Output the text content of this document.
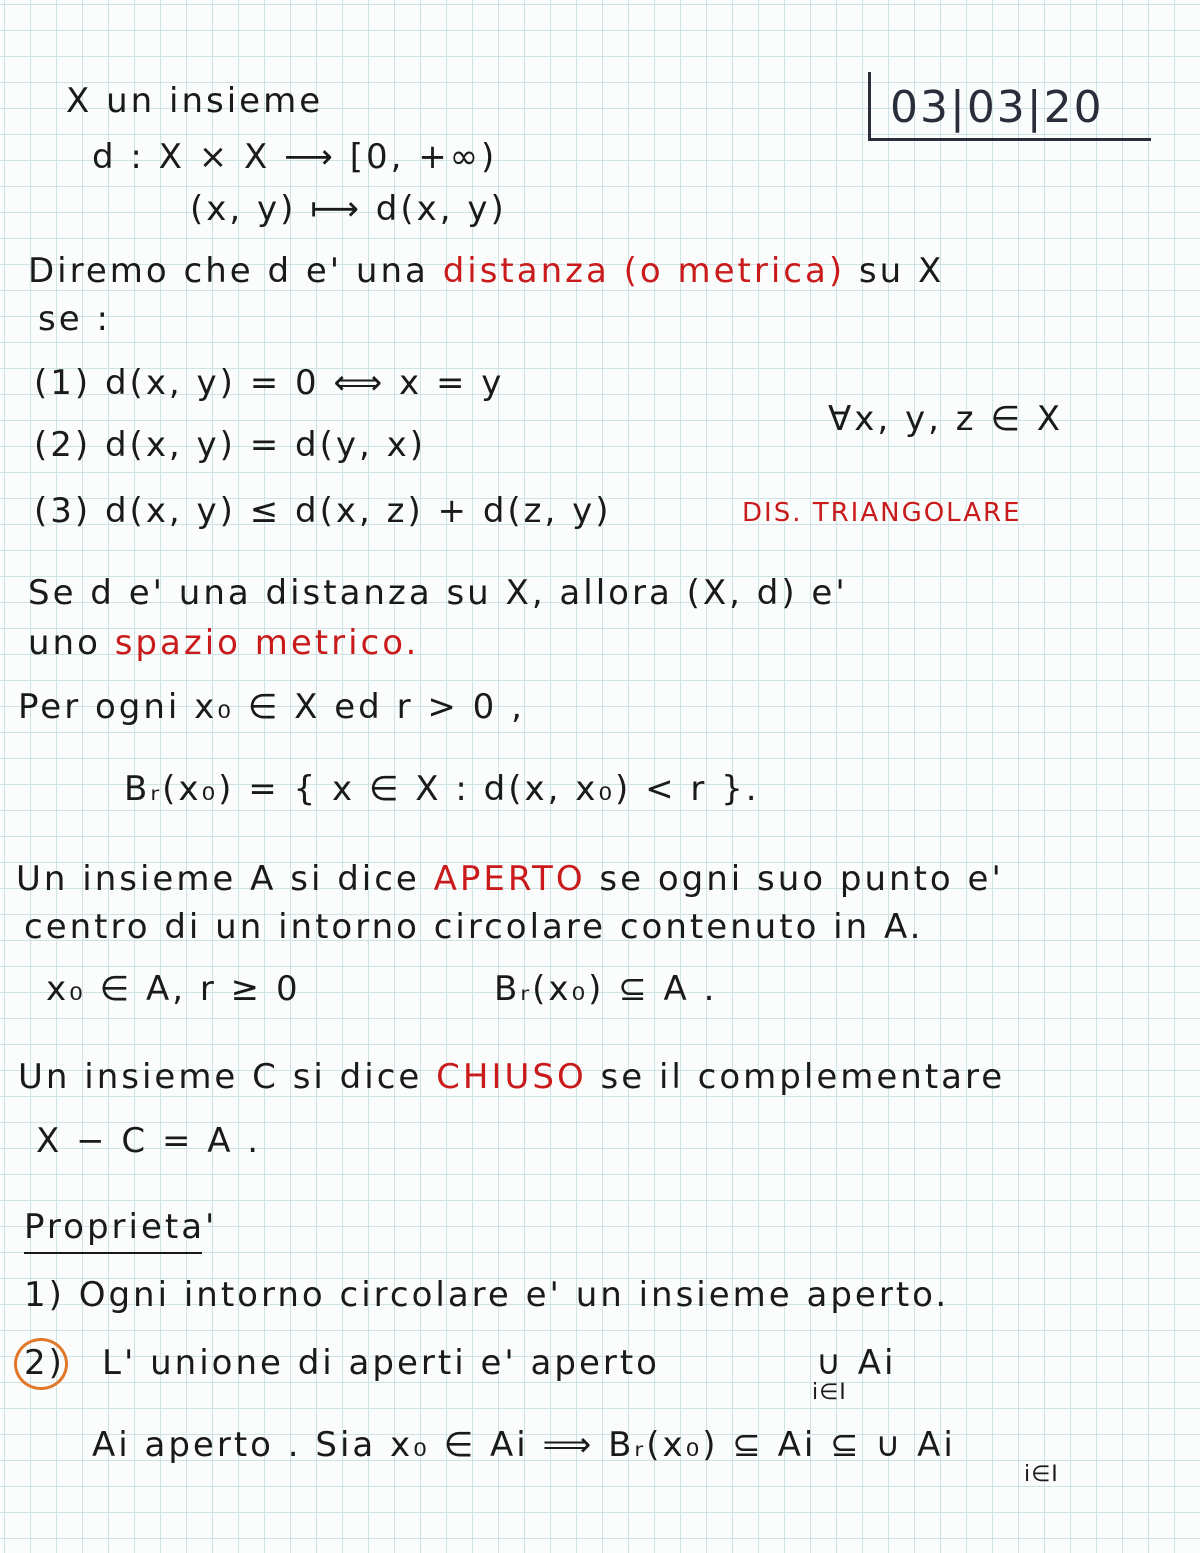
03|03|20
X un insieme
d : X × X ⟶ [0, +∞)
(x, y) ⟼ d(x, y)
Diremo che d e' una distanza (o metrica) su X
se :
(1) d(x, y) = 0 ⟺ x = y
∀x, y, z ∈ X
(2) d(x, y) = d(y, x)
(3) d(x, y) ≤ d(x, z) + d(z, y)	DIS. TRIANGOLARE
Se d e' una distanza su X, allora (X, d) e'
uno spazio metrico.
Per ogni x₀ ∈ X ed r > 0 ,
Bᵣ(x₀) = { x ∈ X : d(x, x₀) < r }.
Un insieme A si dice APERTO se ogni suo punto e'
centro di un intorno circolare contenuto in A.
x₀ ∈ A, r ≥ 0	Bᵣ(x₀) ⊆ A .
Un insieme C si dice CHIUSO se il complementare
X − C = A .
Proprieta'
1) Ogni intorno circolare e' un insieme aperto.
2) L' unione di aperti e' aperto	∪ Ai
i∈I
Ai aperto . Sia x₀ ∈ Ai ⟹ Bᵣ(x₀) ⊆ Ai ⊆ ∪ Ai
i∈I
